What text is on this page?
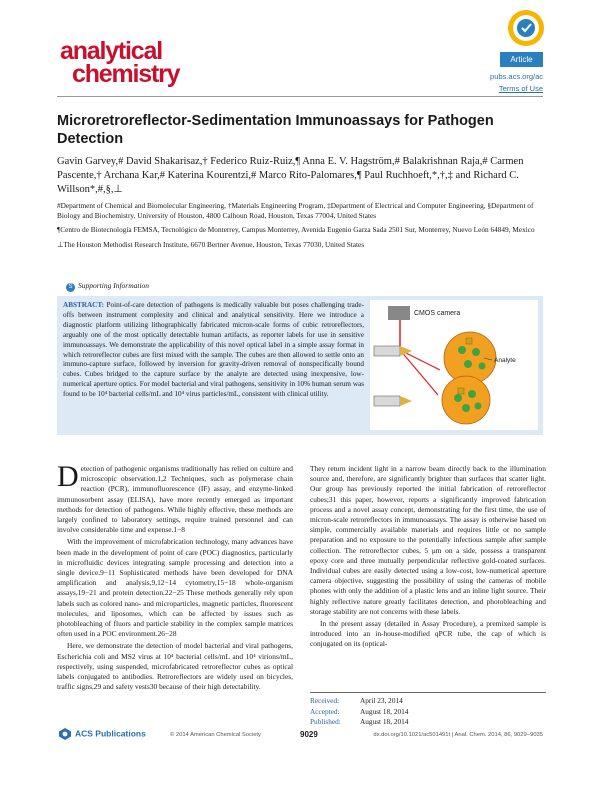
analytical
chemistry	Article
pubs.acs.org/ac
Terms of Use
Microretroreflector-Sedimentation Immunoassays for Pathogen Detection
Gavin Garvey,# David Shakarisaz,† Federico Ruiz-Ruiz,¶ Anna E. V. Hagström,# Balakrishnan Raja,# Carmen Pascente,† Archana Kar,# Katerina Kourentzi,# Marco Rito-Palomares,¶ Paul Ruchhoeft,*,†,‡ and Richard C. Willson*,#,§,⊥

#Department of Chemical and Biomolecular Engineering, †Materials Engineering Program, ‡Department of Electrical and Computer Engineering, §Department of Biology and Biochemistry, University of Houston, 4800 Calhoun Road, Houston, Texas 77004, United States

¶Centro de Biotecnología FEMSA, Tecnológico de Monterrey, Campus Monterrey, Avenida Eugenio Garza Sada 2501 Sur, Monterrey, Nuevo León 64849, Mexico

⊥The Houston Methodist Research Institute, 6670 Bertner Avenue, Houston, Texas 77030, United States

S Supporting Information
ABSTRACT: Point-of-care detection of pathogens is medically valuable but poses challenging trade-offs between instrument complexity and clinical and analytical sensitivity. Here we introduce a diagnostic platform utilizing lithographically fabricated micron-scale forms of cubic retroreflectors, arguably one of the most optically detectable human artifacts, as reporter labels for use in sensitive immunoassays. We demonstrate the applicability of this novel optical label in a simple assay format in which retroreflector cubes are first mixed with the sample. The cubes are then allowed to settle onto an immuno-capture surface, followed by inversion for gravity-driven removal of nonspecifically bound cubes. Cubes bridged to the capture surface by the analyte are detected using inexpensive, low-numerical aperture optics. For model bacterial and viral pathogens, sensitivity in 10% human serum was found to be 10⁴ bacterial cells/mL and 10⁴ virus particles/mL, consistent with clinical utility.
CMOS camera
Analyte

Detection of pathogenic organisms traditionally has relied on culture and microscopic observation.1,2 Techniques, such as polymerase chain reaction (PCR), immunofluorescence (IF) assay, and enzyme-linked immunosorbent assay (ELISA), have more recently emerged as important methods for detection of pathogens. While highly effective, these methods are largely confined to laboratory settings, require trained personnel and can involve considerable time and expense.1−8

With the improvement of microfabrication technology, many advances have been made in the development of point of care (POC) diagnostics, particularly in microfluidic devices integrating sample processing and detection into a single device.9−11 Sophisticated methods have been developed for DNA amplification and analysis,9,12−14 cytometry,15−18 whole-organism assays,19−21 and protein detection.22−25 These methods generally rely upon labels such as colored nano- and microparticles, magnetic particles, fluorescent molecules, and liposomes, which can be affected by issues such as photobleaching of fluors and particle stability in the complex sample matrices often used in a POC environment.26−28

Here, we demonstrate the detection of model bacterial and viral pathogens, Escherichia coli and MS2 virus at 10⁴ bacterial cells/mL and 10⁴ virions/mL, respectively, using suspended, microfabricated retroreflector cubes as optical labels conjugated to antibodies. Retroreflectors are widely used on bicycles, traffic signs,29 and safety vests30 because of their high detectability.

They return incident light in a narrow beam directly back to the illumination source and, therefore, are significantly brighter than surfaces that scatter light. Our group has previously reported the initial fabrication of retroreflector cubes;31 this paper, however, reports a significantly improved fabrication process and a novel assay concept, demonstrating for the first time, the use of micron-scale retroreflectors in immunoassays. The assay is otherwise based on simple, commercially available materials and requires little or no sample preparation and no exposure to the potentially infectious sample after sample collection. The retroreflector cubes, 5 μm on a side, possess a transparent epoxy core and three mutually perpendicular reflective gold-coated surfaces. Individual cubes are easily detected using a low-cost, low-numerical aperture camera objective, suggesting the possibility of using the cameras of mobile phones with only the addition of a plastic lens and an inline light source. Their highly reflective nature greatly facilitates detection, and photobleaching and storage stability are not concerns with these labels.

In the present assay (detailed in Assay Procedure), a premixed sample is introduced into an in-house-modified qPCR tube, the cap of which is conjugated on its (optical-

Received:	April 23, 2014
Accepted:	August 18, 2014
Published:	August 18, 2014
ACS Publications	© 2014 American Chemical Society	9029	dx.doi.org/10.1021/ac501491t | Anal. Chem. 2014, 86, 9029−9035
